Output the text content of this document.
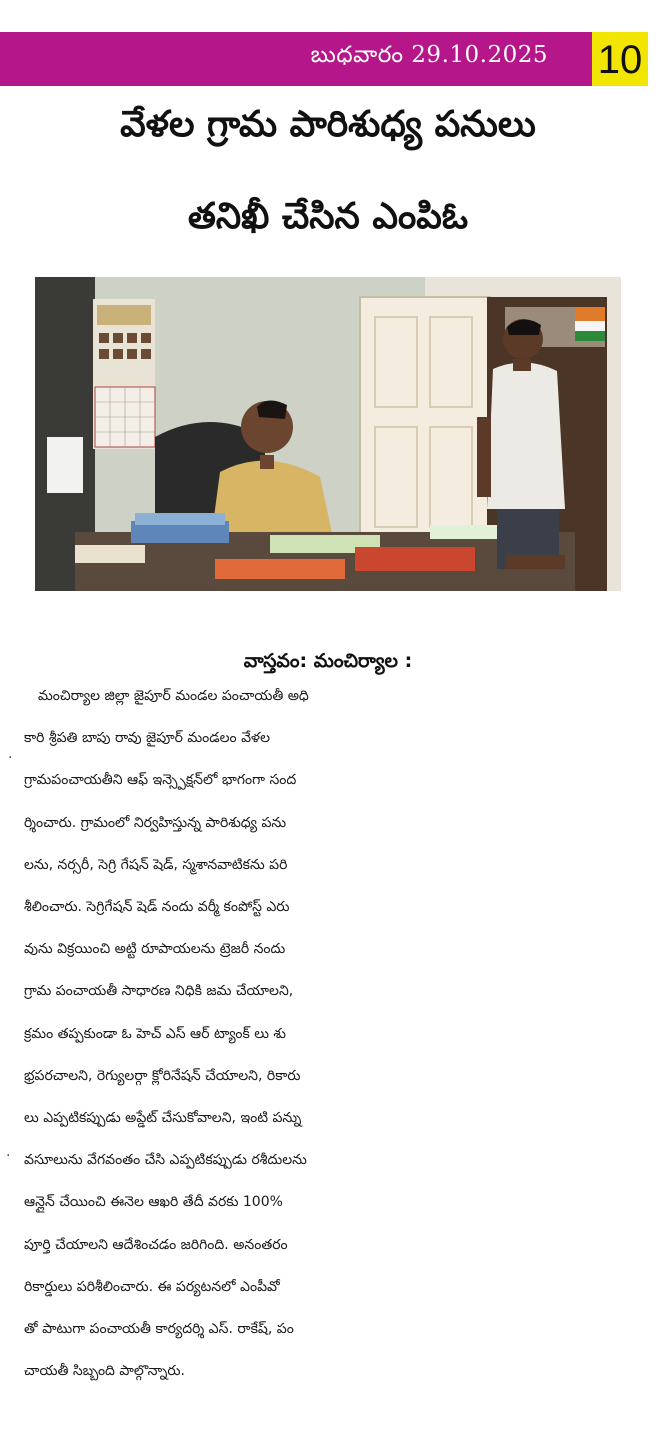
బుధవారం 29.10.2025 10
వేళల గ్రామ పారిశుధ్య పనులు
తనిఖీ చేసిన ఎంపిఓ
వాస్తవం: మంచిర్యాల :
మంచిర్యాల జిల్లా జైపూర్ మండల పంచాయతీ అధి
కారి శ్రీపతి బాపు రావు జైపూర్ మండలం వేళల
గ్రామపంచాయతీని ఆఫ్ ఇన్స్పెక్షన్‌లో భాగంగా సంద
ర్శించారు. గ్రామంలో నిర్వహిస్తున్న పారిశుధ్య పను
లను, నర్సరీ, సెగ్రి గేషన్ షెడ్, స్మశానవాటికను పరి
శీలించారు. సెగ్రిగేషన్ షెడ్ నందు వర్మీ కంపోస్ట్ ఎరు
వును విక్రయించి అట్టి రూపాయలను ట్రెజరీ నందు
గ్రామ పంచాయతీ సాధారణ నిధికి జమ చేయాలని,
క్రమం తప్పకుండా ఓ హెచ్ ఎస్ ఆర్ ట్యాంక్ లు శు
భ్రపరచాలని, రెగ్యులర్గా క్లోరినేషన్ చేయాలని, రికారు
లు ఎప్పటికప్పుడు అప్డేట్ చేసుకోవాలని, ఇంటి పన్ను
వసూలును వేగవంతం చేసి ఎప్పటికప్పుడు రశీదులను
ఆన్లైన్ చేయించి ఈనెల ఆఖరి తేదీ వరకు 100%
పూర్తి చేయాలని ఆదేశించడం జరిగింది. అనంతరం
రికార్డులు పరిశీలించారు. ఈ పర్యటనలో ఎంపీవో
తో పాటుగా పంచాయతీ కార్యదర్శి ఎస్. రాకేష్, పం
చాయతీ సిబ్బంది పాల్గొన్నారు.
.
.
